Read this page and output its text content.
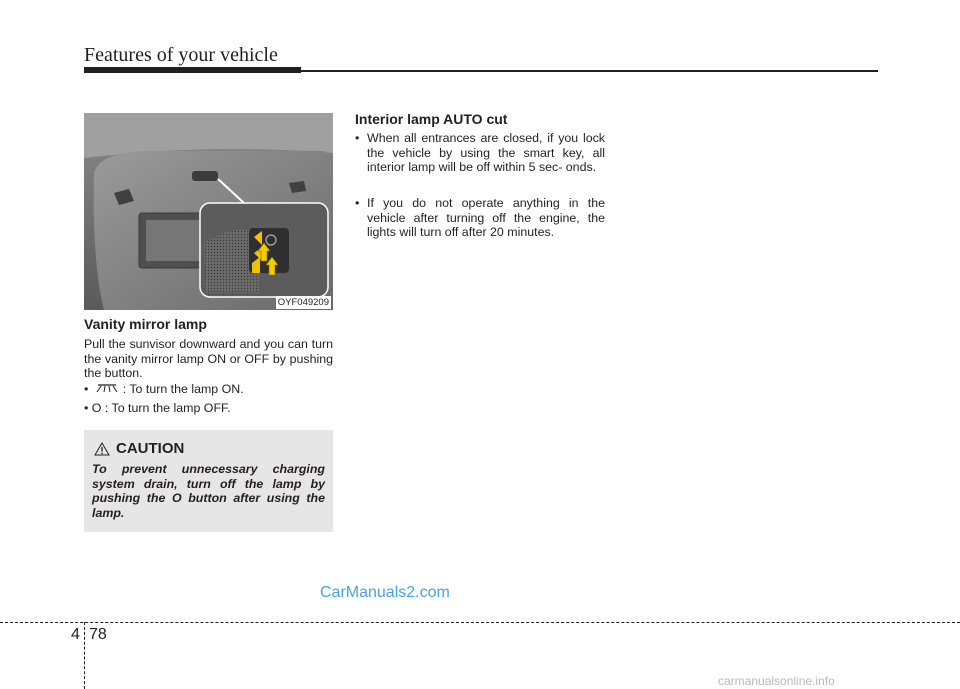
Features of your vehicle
OYF049209
Vanity mirror lamp
Pull the sunvisor downward and you can turn the vanity mirror lamp ON or OFF by pushing the button.
•   : To turn the lamp ON.
• O : To turn the lamp OFF.
CAUTION
To prevent unnecessary charging system drain, turn off the lamp by pushing the O button after using the lamp.
Interior lamp AUTO cut
• When all entrances are closed, if you lock the vehicle by using the smart key, all interior lamp will be off within 5 sec- onds.
• If you do not operate anything in the vehicle after turning off the engine, the lights will turn off after 20 minutes.
CarManuals2.com
4 78
carmanualsonline.info
